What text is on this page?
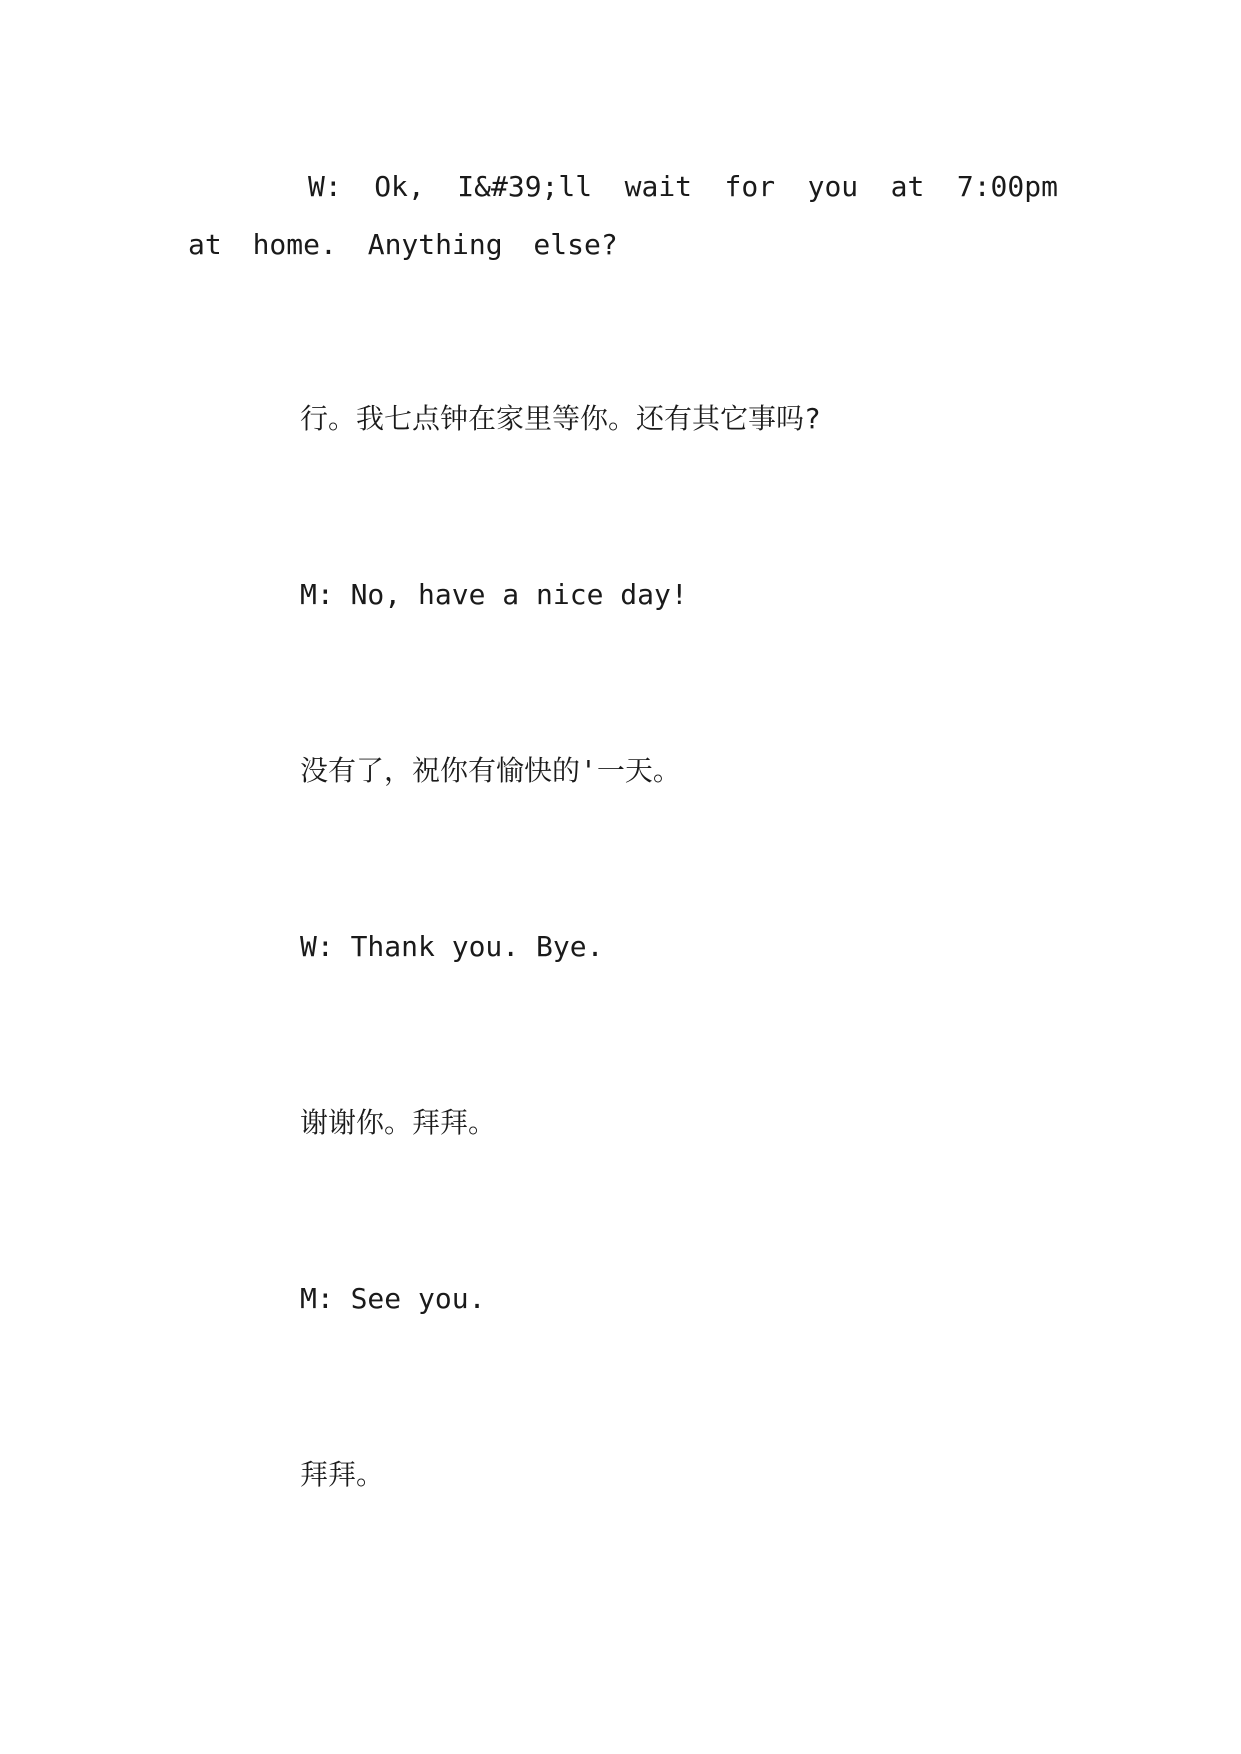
W: Ok, I&#39;ll wait for you at 7:00pm at home. Anything else?

行。我七点钟在家里等你。还有其它事吗?

M: No, have a nice day!

没有了，祝你有愉快的'一天。

W: Thank you. Bye.

谢谢你。拜拜。

M: See you.

拜拜。
